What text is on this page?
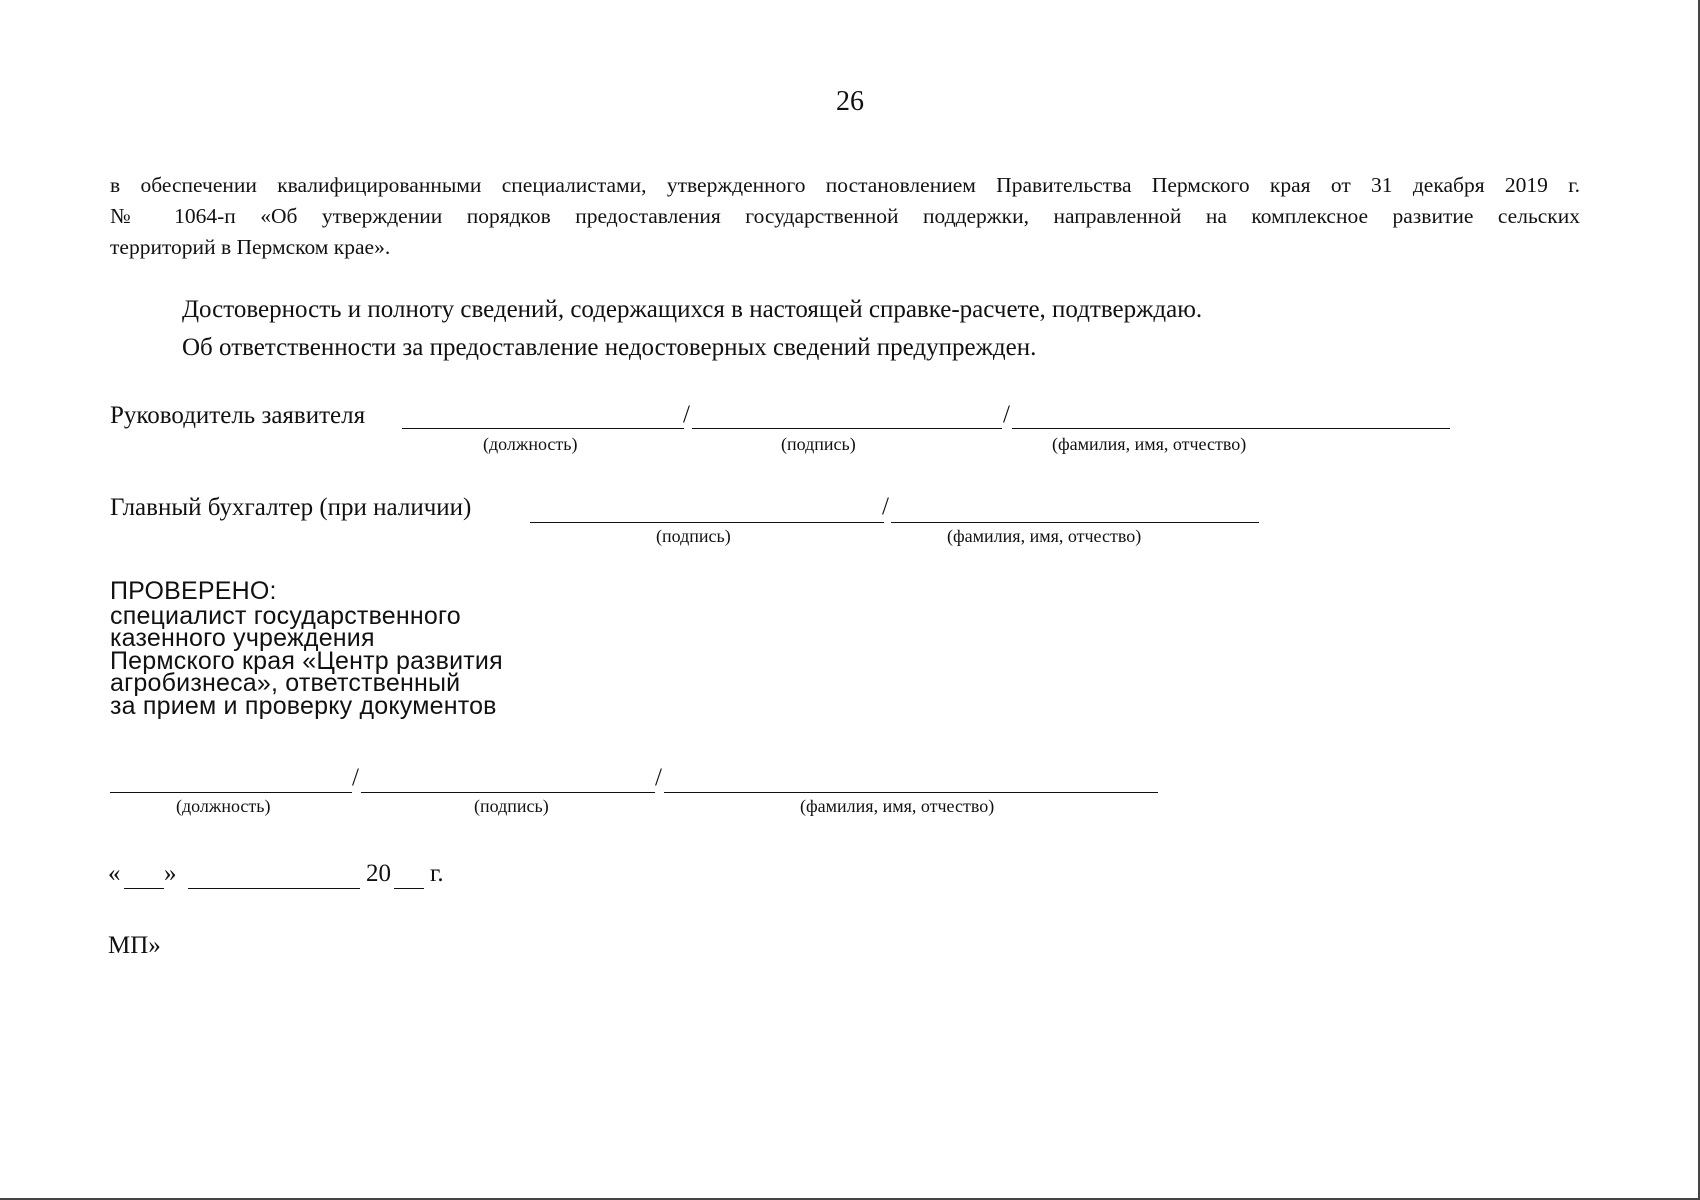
26
в обеспечении квалифицированными специалистами, утвержденного постановлением Правительства Пермского края от 31 декабря 2019 г.
№ 1064-п «Об утверждении порядков предоставления государственной поддержки, направленной на комплексное развитие сельских
территорий в Пермском крае».
Достоверность и полноту сведений, содержащихся в настоящей справке-расчете, подтверждаю.
Об ответственности за предоставление недостоверных сведений предупрежден.
Руководитель заявителя	/	/
(должность)	(подпись)	(фамилия, имя, отчество)
Главный бухгалтер (при наличии)	/
(подпись)	(фамилия, имя, отчество)
ПРОВЕРЕНО:
специалист государственного
казенного учреждения
Пермского края «Центр развития
агробизнеса», ответственный
за прием и проверку документов
/	/
(должность)	(подпись)	(фамилия, имя, отчество)
« »	20 г.
МП»
